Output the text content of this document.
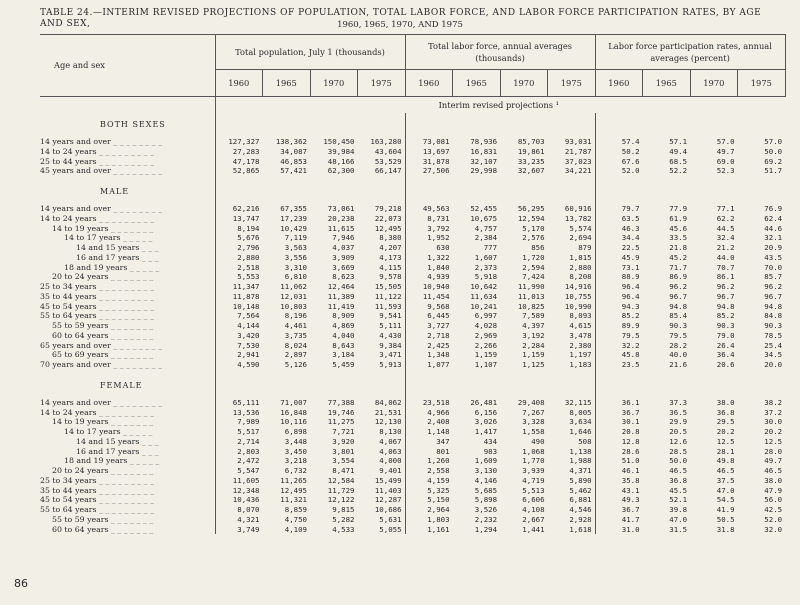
TABLE 24.—INTERIM REVISED PROJECTIONS OF POPULATION, TOTAL LABOR FORCE, AND LABOR FORCE PARTICIPATION RATES, BY AGE AND SEX,	1960, 1965, 1970, AND 1975
Age and sex	Total population, July 1 (thousands)				Total labor force, annual averages (thousands)				Labor force participation rates, annual averages (percent)			
	1960	1965	1970	1975	1960	1965	1970	1975	1960	1965	1970	1975
	Interim revised projections ¹											
BOTH SEXES												
14 years and over _ _ _ _ _ _ _ _	127,327	138,362	150,450	163,280	73,081	78,936	85,703	93,031	57.4	57.1	57.0	57.0
14 to 24 years _ _ _ _ _ _ _ _ _	27,283	34,087	39,984	43,604	13,697	16,831	19,861	21,787	50.2	49.4	49.7	50.0
25 to 44 years _ _ _ _ _ _ _ _ _	47,178	46,853	48,166	53,529	31,878	32,107	33,235	37,023	67.6	68.5	69.0	69.2
45 years and over _ _ _ _ _ _ _ _	52,865	57,421	62,300	66,147	27,506	29,998	32,607	34,221	52.0	52.2	52.3	51.7

MALE												
14 years and over _ _ _ _ _ _ _ _	62,216	67,355	73,061	79,218	49,563	52,455	56,295	60,916	79.7	77.9	77.1	76.9
14 to 24 years _ _ _ _ _ _ _ _ _	13,747	17,239	20,238	22,073	8,731	10,675	12,594	13,782	63.5	61.9	62.2	62.4
14 to 19 years _ _ _ _ _ _ _	8,194	10,429	11,615	12,495	3,792	4,757	5,170	5,574	46.3	45.6	44.5	44.6
14 to 17 years _ _ _ _ _	5,676	7,119	7,946	8,380	1,952	2,384	2,576	2,694	34.4	33.5	32.4	32.1
14 and 15 years _ _ _	2,796	3,563	4,037	4,207	630	777	856	879	22.5	21.8	21.2	20.9
16 and 17 years _ _ _	2,880	3,556	3,909	4,173	1,322	1,607	1,720	1,815	45.9	45.2	44.0	43.5
18 and 19 years _ _ _ _ _	2,518	3,310	3,669	4,115	1,840	2,373	2,594	2,880	73.1	71.7	70.7	70.0
20 to 24 years _ _ _ _ _ _ _	5,553	6,810	8,623	9,578	4,939	5,918	7,424	8,208	88.9	86.9	86.1	85.7
25 to 34 years _ _ _ _ _ _ _ _ _	11,347	11,062	12,464	15,505	10,940	10,642	11,990	14,916	96.4	96.2	96.2	96.2
35 to 44 years _ _ _ _ _ _ _ _ _	11,878	12,031	11,389	11,122	11,454	11,634	11,013	10,755	96.4	96.7	96.7	96.7
45 to 54 years _ _ _ _ _ _ _ _ _	10,148	10,803	11,419	11,593	9,568	10,241	10,825	10,990	94.3	94.8	94.8	94.8
55 to 64 years _ _ _ _ _ _ _ _ _	7,564	8,196	8,909	9,541	6,445	6,997	7,589	8,093	85.2	85.4	85.2	84.8
55 to 59 years _ _ _ _ _ _ _	4,144	4,461	4,869	5,111	3,727	4,028	4,397	4,615	89.9	90.3	90.3	90.3
60 to 64 years _ _ _ _ _ _ _	3,420	3,735	4,040	4,430	2,718	2,969	3,192	3,478	79.5	79.5	79.0	78.5
65 years and over _ _ _ _ _ _ _ _	7,530	8,024	8,643	9,384	2,425	2,266	2,284	2,380	32.2	28.2	26.4	25.4
65 to 69 years _ _ _ _ _ _ _	2,941	2,897	3,184	3,471	1,348	1,159	1,159	1,197	45.8	40.0	36.4	34.5
70 years and over _ _ _ _ _ _ _ _	4,590	5,126	5,459	5,913	1,077	1,107	1,125	1,183	23.5	21.6	20.6	20.0

FEMALE												
14 years and over _ _ _ _ _ _ _ _	65,111	71,007	77,388	84,062	23,518	26,481	29,408	32,115	36.1	37.3	38.0	38.2
14 to 24 years _ _ _ _ _ _ _ _ _	13,536	16,848	19,746	21,531	4,966	6,156	7,267	8,005	36.7	36.5	36.8	37.2
14 to 19 years _ _ _ _ _ _ _	7,989	10,116	11,275	12,130	2,408	3,026	3,328	3,634	30.1	29.9	29.5	30.0
14 to 17 years _ _ _ _ _	5,517	6,898	7,721	8,130	1,148	1,417	1,558	1,646	20.8	20.5	20.2	20.2
14 and 15 years _ _ _	2,714	3,448	3,920	4,067	347	434	490	508	12.8	12.6	12.5	12.5
16 and 17 years _ _ _	2,803	3,450	3,801	4,063	801	983	1,068	1,138	28.6	28.5	28.1	28.0
18 and 19 years _ _ _ _ _	2,472	3,218	3,554	4,000	1,260	1,609	1,770	1,988	51.0	50.0	49.8	49.7
20 to 24 years _ _ _ _ _ _ _	5,547	6,732	8,471	9,401	2,558	3,130	3,939	4,371	46.1	46.5	46.5	46.5
25 to 34 years _ _ _ _ _ _ _ _ _	11,605	11,265	12,584	15,499	4,159	4,146	4,719	5,890	35.8	36.8	37.5	38.0
35 to 44 years _ _ _ _ _ _ _ _ _	12,348	12,495	11,729	11,403	5,325	5,685	5,513	5,462	43.1	45.5	47.0	47.9
45 to 54 years _ _ _ _ _ _ _ _ _	10,436	11,321	12,122	12,287	5,150	5,898	6,606	6,881	49.3	52.1	54.5	56.0
55 to 64 years _ _ _ _ _ _ _ _ _	8,070	8,859	9,815	10,686	2,964	3,526	4,108	4,546	36.7	39.8	41.9	42.5
55 to 59 years _ _ _ _ _ _ _	4,321	4,750	5,282	5,631	1,803	2,232	2,667	2,928	41.7	47.0	50.5	52.0
60 to 64 years _ _ _ _ _ _ _	3,749	4,109	4,533	5,055	1,161	1,294	1,441	1,618	31.0	31.5	31.8	32.0
86
